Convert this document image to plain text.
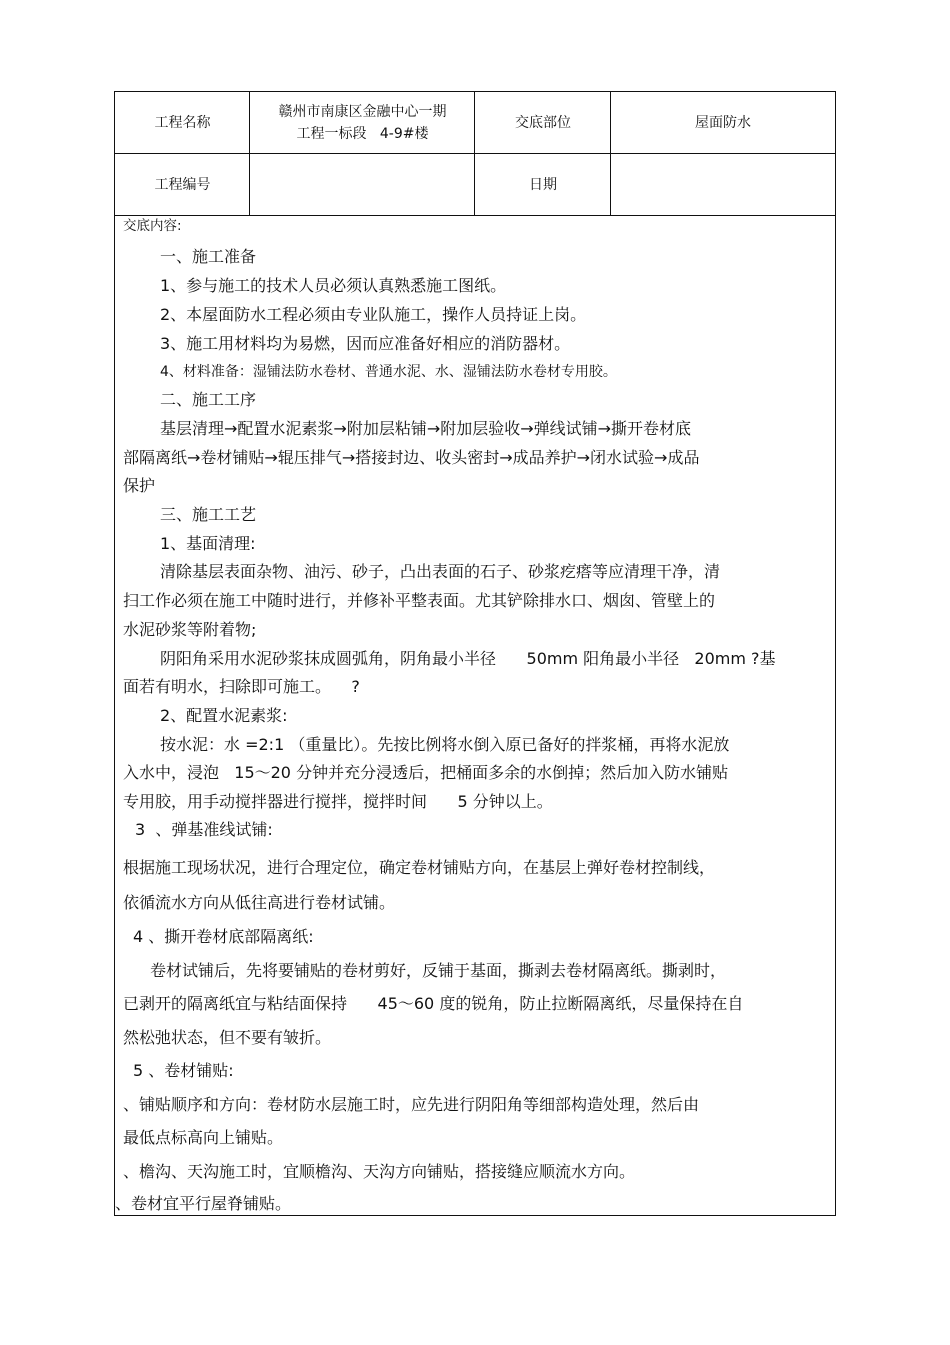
工程名称
赣州市南康区金融中心一期
工程一标段   4-9#楼
交底部位	屋面防水
工程编号	日期
交底内容:
一、施工准备
1、参与施工的技术人员必须认真熟悉施工图纸。
2、本屋面防水工程必须由专业队施工，操作人员持证上岗。
3、施工用材料均为易燃，因而应准备好相应的消防器材。
4、材料准备：湿铺法防水卷材、普通水泥、水、湿铺法防水卷材专用胶。
二、施工工序
基层清理→配置水泥素浆→附加层粘铺→附加层验收→弹线试铺→撕开卷材底
部隔离纸→卷材铺贴→辊压排气→搭接封边、收头密封→成品养护→闭水试验→成品
保护
三、施工工艺
1、基面清理:
清除基层表面杂物、油污、砂子，凸出表面的石子、砂浆疙瘩等应清理干净，清
扫工作必须在施工中随时进行，并修补平整表面。尤其铲除排水口、烟囱、管壁上的
水泥砂浆等附着物;
阴阳角采用水泥砂浆抹成圆弧角，阴角最小半径      50mm 阳角最小半径   20mm ?基
面若有明水，扫除即可施工。    ?
2、配置水泥素浆:
按水泥：水 =2:1 （重量比）。先按比例将水倒入原已备好的拌浆桶，再将水泥放
入水中，浸泡   15～20 分钟并充分浸透后，把桶面多余的水倒掉；然后加入防水铺贴
专用胶，用手动搅拌器进行搅拌，搅拌时间      5 分钟以上。
3  、弹基准线试铺:
根据施工现场状况，进行合理定位，确定卷材铺贴方向，在基层上弹好卷材控制线，
依循流水方向从低往高进行卷材试铺。
4 、撕开卷材底部隔离纸:
卷材试铺后，先将要铺贴的卷材剪好，反铺于基面，撕剥去卷材隔离纸。撕剥时，
已剥开的隔离纸宜与粘结面保持      45～60 度的锐角，防止拉断隔离纸，尽量保持在自
然松弛状态，但不要有皱折。
5 、卷材铺贴:
、铺贴顺序和方向：卷材防水层施工时，应先进行阴阳角等细部构造处理，然后由
最低点标高向上铺贴。
、檐沟、天沟施工时，宜顺檐沟、天沟方向铺贴，搭接缝应顺流水方向。
、卷材宜平行屋脊铺贴。
